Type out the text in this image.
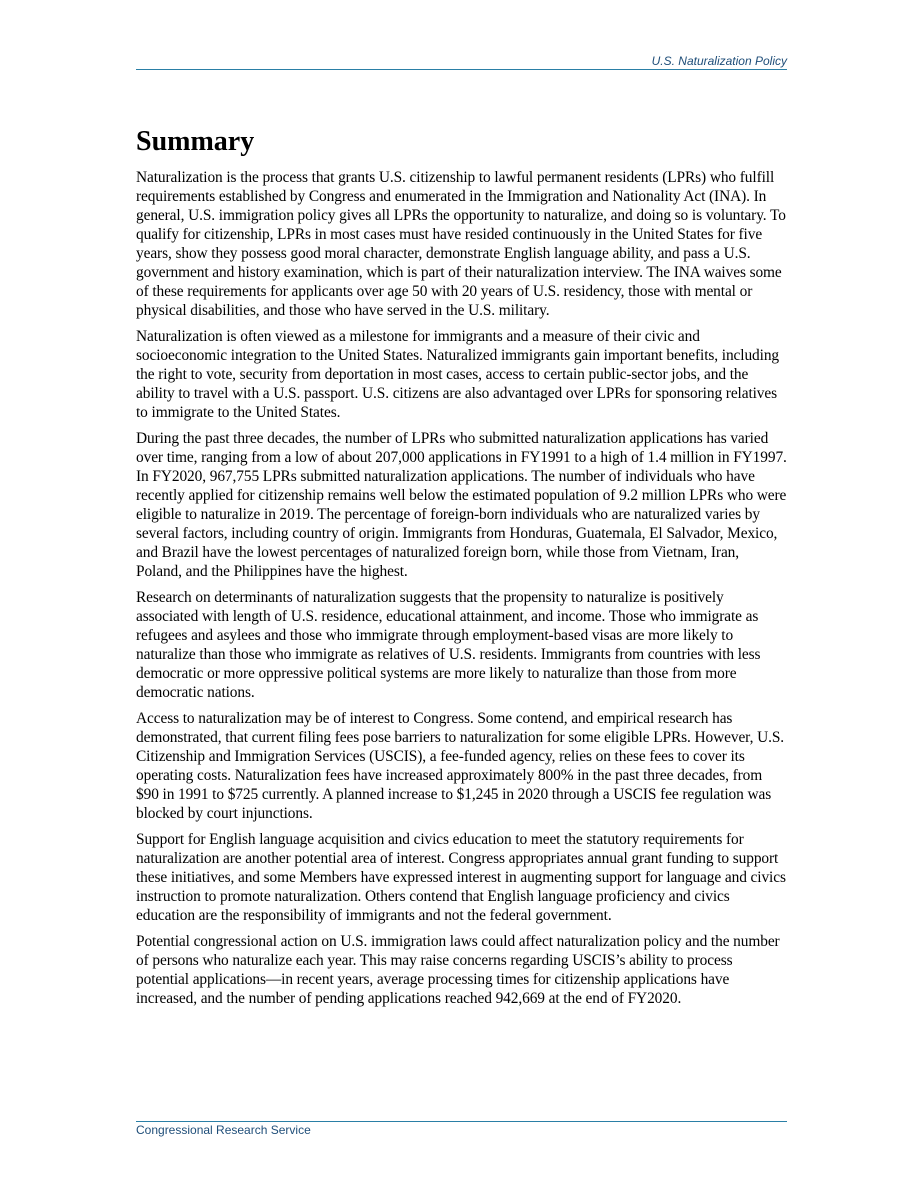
U.S. Naturalization Policy
Summary

Naturalization is the process that grants U.S. citizenship to lawful permanent residents (LPRs) who fulfill requirements established by Congress and enumerated in the Immigration and Nationality Act (INA). In general, U.S. immigration policy gives all LPRs the opportunity to naturalize, and doing so is voluntary. To qualify for citizenship, LPRs in most cases must have resided continuously in the United States for five years, show they possess good moral character, demonstrate English language ability, and pass a U.S. government and history examination, which is part of their naturalization interview. The INA waives some of these requirements for applicants over age 50 with 20 years of U.S. residency, those with mental or physical disabilities, and those who have served in the U.S. military.

Naturalization is often viewed as a milestone for immigrants and a measure of their civic and socioeconomic integration to the United States. Naturalized immigrants gain important benefits, including the right to vote, security from deportation in most cases, access to certain public-sector jobs, and the ability to travel with a U.S. passport. U.S. citizens are also advantaged over LPRs for sponsoring relatives to immigrate to the United States.

During the past three decades, the number of LPRs who submitted naturalization applications has varied over time, ranging from a low of about 207,000 applications in FY1991 to a high of 1.4 million in FY1997. In FY2020, 967,755 LPRs submitted naturalization applications. The number of individuals who have recently applied for citizenship remains well below the estimated population of 9.2 million LPRs who were eligible to naturalize in 2019. The percentage of foreign-born individuals who are naturalized varies by several factors, including country of origin. Immigrants from Honduras, Guatemala, El Salvador, Mexico, and Brazil have the lowest percentages of naturalized foreign born, while those from Vietnam, Iran, Poland, and the Philippines have the highest.

Research on determinants of naturalization suggests that the propensity to naturalize is positively associated with length of U.S. residence, educational attainment, and income. Those who immigrate as refugees and asylees and those who immigrate through employment-based visas are more likely to naturalize than those who immigrate as relatives of U.S. residents. Immigrants from countries with less democratic or more oppressive political systems are more likely to naturalize than those from more democratic nations.

Access to naturalization may be of interest to Congress. Some contend, and empirical research has demonstrated, that current filing fees pose barriers to naturalization for some eligible LPRs. However, U.S. Citizenship and Immigration Services (USCIS), a fee-funded agency, relies on these fees to cover its operating costs. Naturalization fees have increased approximately 800% in the past three decades, from $90 in 1991 to $725 currently. A planned increase to $1,245 in 2020 through a USCIS fee regulation was blocked by court injunctions.

Support for English language acquisition and civics education to meet the statutory requirements for naturalization are another potential area of interest. Congress appropriates annual grant funding to support these initiatives, and some Members have expressed interest in augmenting support for language and civics instruction to promote naturalization. Others contend that English language proficiency and civics education are the responsibility of immigrants and not the federal government.

Potential congressional action on U.S. immigration laws could affect naturalization policy and the number of persons who naturalize each year. This may raise concerns regarding USCIS’s ability to process potential applications—in recent years, average processing times for citizenship applications have increased, and the number of pending applications reached 942,669 at the end of FY2020.

Congressional Research Service
